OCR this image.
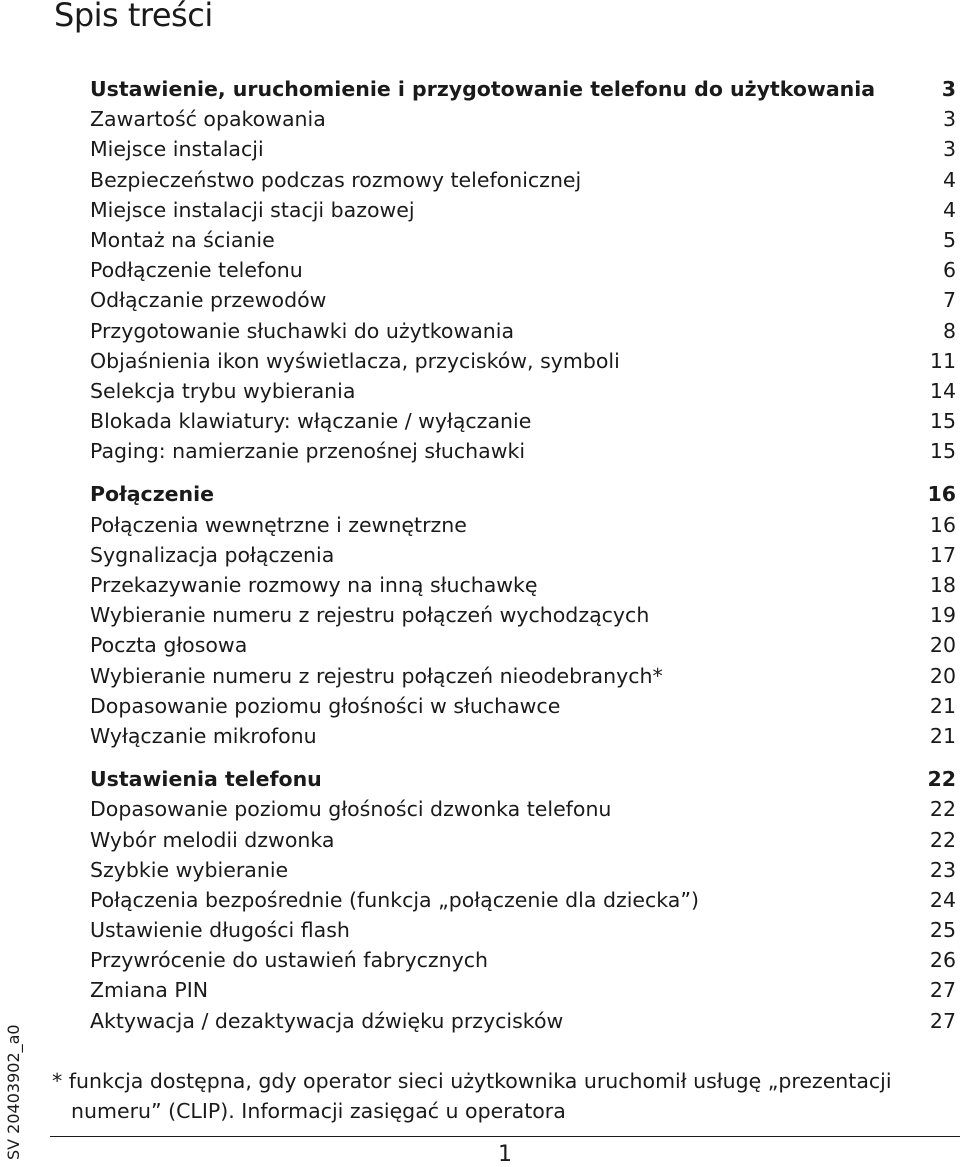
Spis treści
Ustawienie, uruchomienie i przygotowanie telefonu do użytkowania	3
Zawartość opakowania	3
Miejsce instalacji	3
Bezpieczeństwo podczas rozmowy telefonicznej	4
Miejsce instalacji stacji bazowej	4
Montaż na ścianie	5
Podłączenie telefonu	6
Odłączanie przewodów	7
Przygotowanie słuchawki do użytkowania	8
Objaśnienia ikon wyświetlacza, przycisków, symboli	11
Selekcja trybu wybierania	14
Blokada klawiatury: włączanie / wyłączanie	15
Paging: namierzanie przenośnej słuchawki	15
Połączenie	16
Połączenia wewnętrzne i zewnętrzne	16
Sygnalizacja połączenia	17
Przekazywanie rozmowy na inną słuchawkę	18
Wybieranie numeru z rejestru połączeń wychodzących	19
Poczta głosowa	20
Wybieranie numeru z rejestru połączeń nieodebranych*	20
Dopasowanie poziomu głośności w słuchawce	21
Wyłączanie mikrofonu	21
Ustawienia telefonu	22
Dopasowanie poziomu głośności dzwonka telefonu	22
Wybór melodii dzwonka	22
Szybkie wybieranie	23
Połączenia bezpośrednie (funkcja „połączenie dla dziecka”)	24
Ustawienie długości flash	25
Przywrócenie do ustawień fabrycznych	26
Zmiana PIN	27
Aktywacja / dezaktywacja dźwięku przycisków	27
* funkcja dostępna, gdy operator sieci użytkownika uruchomił usługę „prezentacji
numeru” (CLIP). Informacji zasięgać u operatora
1
SV 20403902_a0
